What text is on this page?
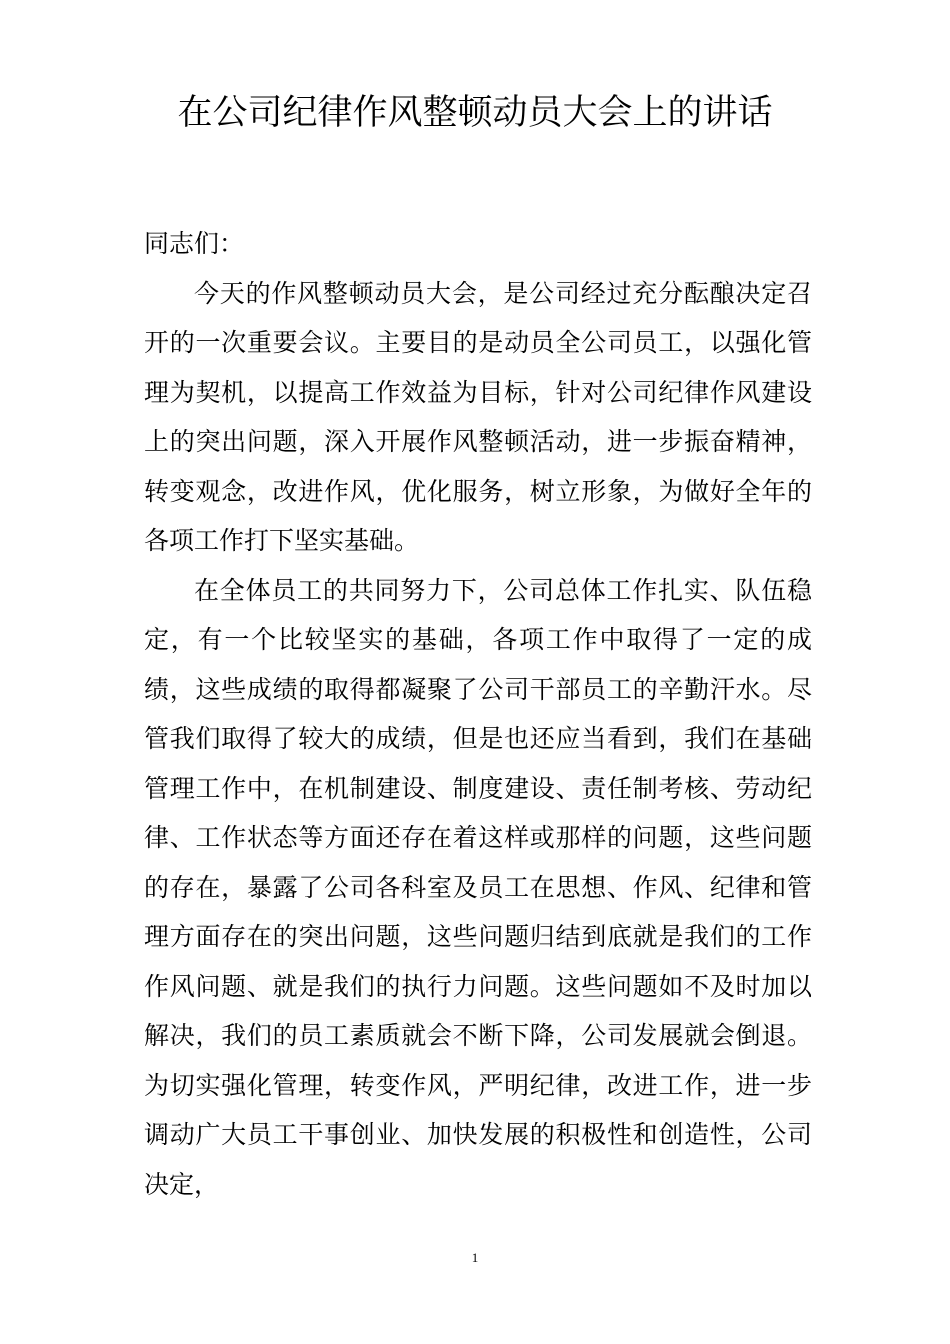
在公司纪律作风整顿动员大会上的讲话

同志们：

今天的作风整顿动员大会，是公司经过充分酝酿决定召开的一次重要会议。主要目的是动员全公司员工，以强化管理为契机，以提高工作效益为目标，针对公司纪律作风建设上的突出问题，深入开展作风整顿活动，进一步振奋精神，转变观念，改进作风，优化服务，树立形象，为做好全年的各项工作打下坚实基础。

在全体员工的共同努力下，公司总体工作扎实、队伍稳定，有一个比较坚实的基础，各项工作中取得了一定的成绩，这些成绩的取得都凝聚了公司干部员工的辛勤汗水。尽管我们取得了较大的成绩，但是也还应当看到，我们在基础管理工作中，在机制建设、制度建设、责任制考核、劳动纪律、工作状态等方面还存在着这样或那样的问题，这些问题的存在，暴露了公司各科室及员工在思想、作风、纪律和管理方面存在的突出问题，这些问题归结到底就是我们的工作作风问题、就是我们的执行力问题。这些问题如不及时加以解决，我们的员工素质就会不断下降，公司发展就会倒退。为切实强化管理，转变作风，严明纪律，改进工作，进一步调动广大员工干事创业、加快发展的积极性和创造性，公司决定，

1
